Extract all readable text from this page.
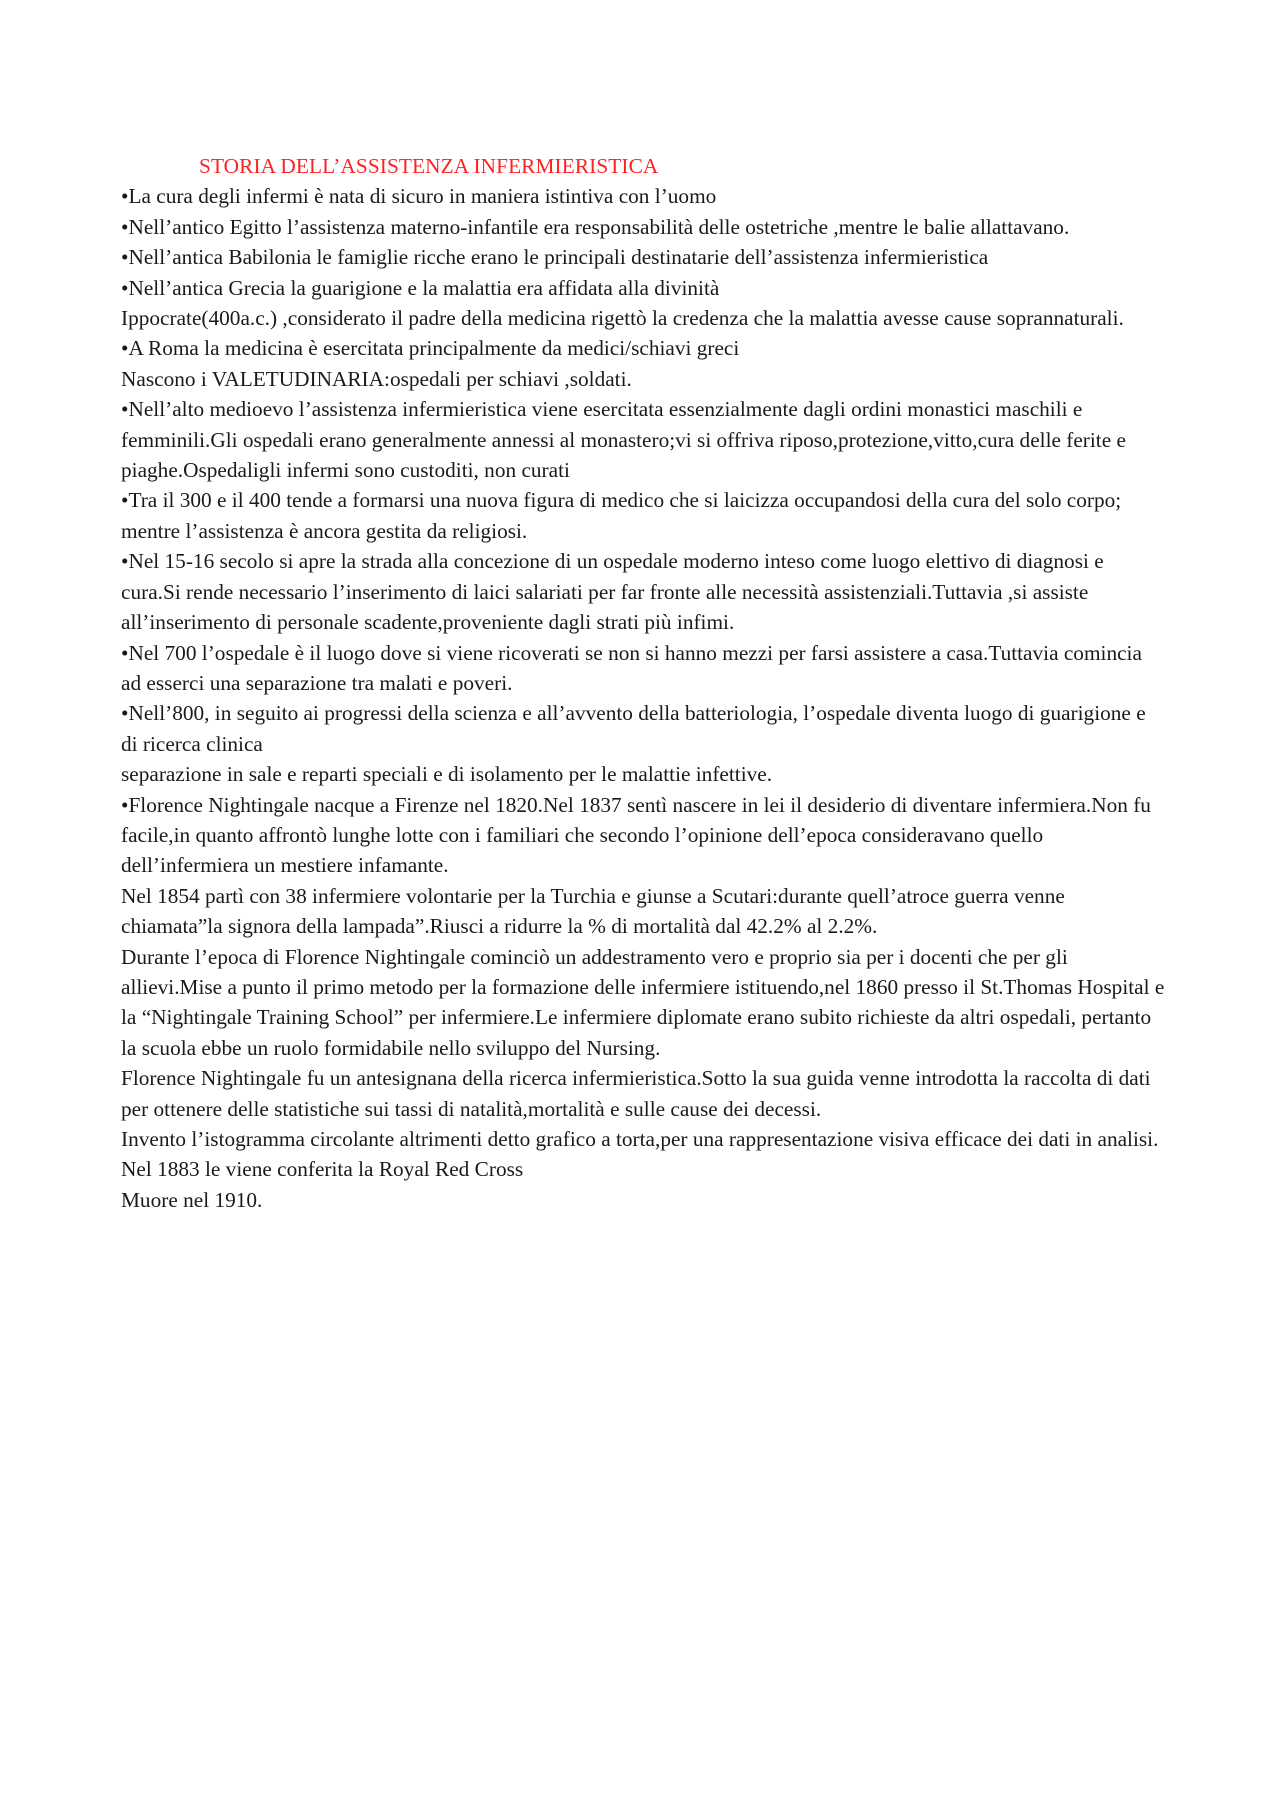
STORIA DELL’ASSISTENZA INFERMIERISTICA

•La cura degli infermi è nata di sicuro in maniera istintiva con l’uomo

•Nell’antico Egitto l’assistenza materno-infantile era responsabilità delle ostetriche ,mentre le balie allattavano.

•Nell’antica Babilonia le famiglie ricche erano le principali destinatarie dell’assistenza infermieristica

•Nell’antica Grecia la guarigione e la malattia era affidata alla divinità

Ippocrate(400a.c.) ,considerato il padre della medicina rigettò la credenza che la malattia avesse cause soprannaturali.

•A Roma la medicina è esercitata principalmente da medici/schiavi greci

Nascono i VALETUDINARIA:ospedali per schiavi ,soldati.

•Nell’alto medioevo l’assistenza infermieristica viene esercitata essenzialmente dagli ordini monastici maschili e femminili.Gli ospedali erano generalmente annessi al monastero;vi si offriva riposo,protezione,vitto,cura delle ferite e piaghe.Ospedaligli infermi sono custoditi, non curati

•Tra il 300 e il 400 tende a formarsi una nuova figura di medico che si laicizza occupandosi della cura del solo corpo; mentre l’assistenza è ancora gestita da religiosi.

•Nel 15-16 secolo si apre la strada alla concezione di un ospedale moderno inteso come luogo elettivo di diagnosi e cura.Si rende necessario l’inserimento di laici salariati per far fronte alle necessità assistenziali.Tuttavia ,si assiste all’inserimento di personale scadente,proveniente dagli strati più infimi.

•Nel 700 l’ospedale è il luogo dove si viene ricoverati se non si hanno mezzi per farsi assistere a casa.Tuttavia comincia ad esserci una separazione tra malati e poveri.

•Nell’800, in seguito ai progressi della scienza e all’avvento della batteriologia, l’ospedale diventa luogo di guarigione e di ricerca clinica

separazione in sale e reparti speciali e di isolamento per le malattie infettive.

•Florence Nightingale nacque a Firenze nel 1820.Nel 1837 sentì nascere in lei il desiderio di diventare infermiera.Non fu facile,in quanto affrontò lunghe lotte con i familiari che secondo l’opinione dell’epoca consideravano quello dell’infermiera un mestiere infamante.

Nel 1854 partì con 38 infermiere volontarie per la Turchia e giunse a Scutari:durante quell’atroce guerra venne chiamata”la signora della lampada”.Riusci a ridurre la % di mortalità dal 42.2% al 2.2%.

Durante l’epoca di Florence Nightingale cominciò un addestramento vero e proprio sia per i docenti che per gli allievi.Mise a punto il primo metodo per la formazione delle infermiere istituendo,nel 1860 presso il St.Thomas Hospital e la “Nightingale Training School” per infermiere.Le infermiere diplomate erano subito richieste da altri ospedali, pertanto la scuola ebbe un ruolo formidabile nello sviluppo del Nursing.

Florence Nightingale fu un antesignana della ricerca infermieristica.Sotto la sua guida venne introdotta la raccolta di dati per ottenere delle statistiche sui tassi di natalità,mortalità e sulle cause dei decessi.

Invento l’istogramma circolante altrimenti detto grafico a torta,per una rappresentazione visiva efficace dei dati in analisi.

Nel 1883 le viene conferita la Royal Red Cross

Muore nel 1910.
